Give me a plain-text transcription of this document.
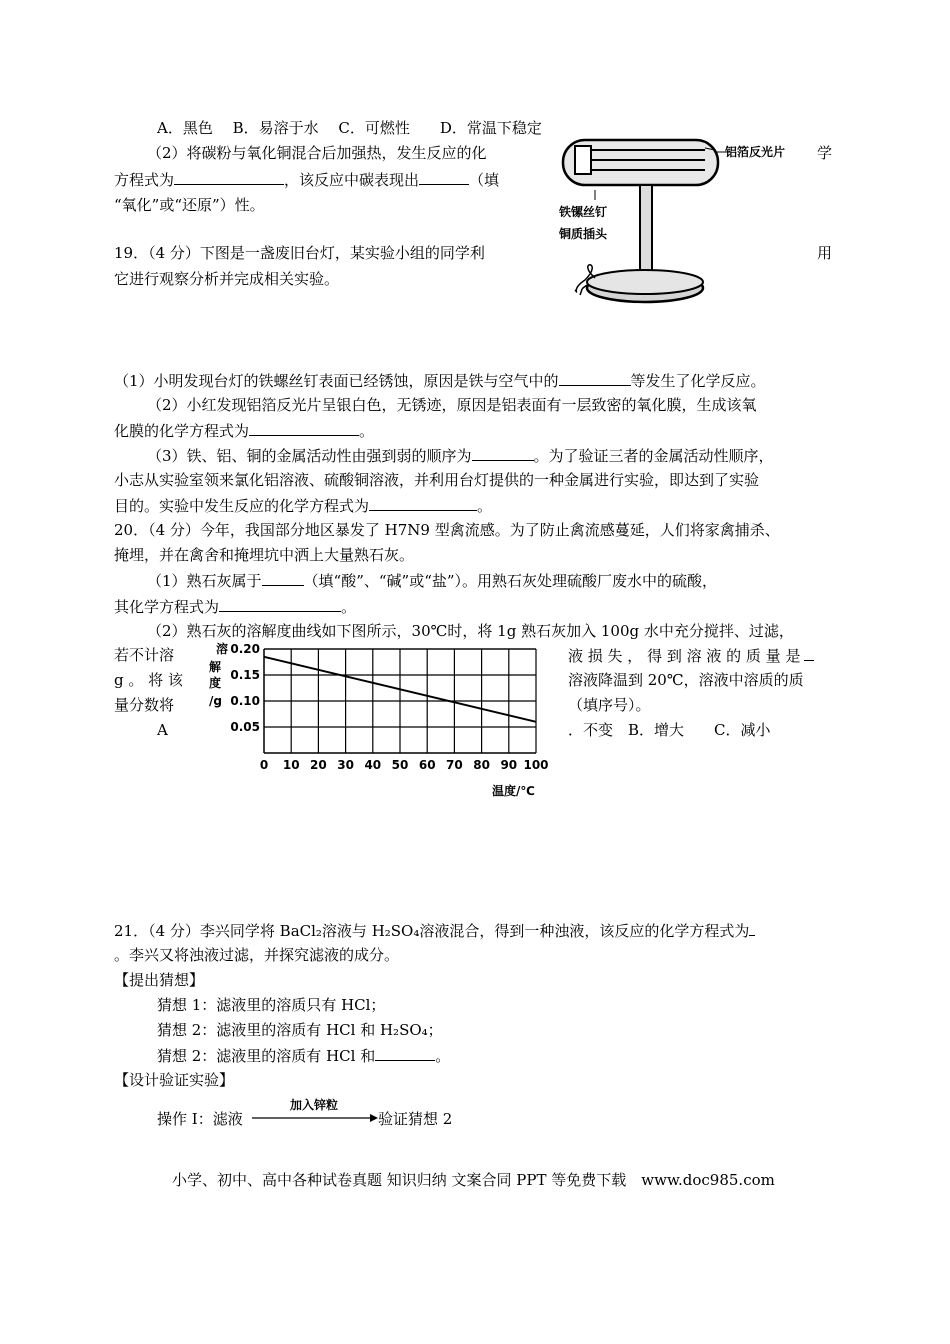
A．黑色　 B．易溶于水　 C．可燃性　　D．常温下稳定
（2）将碳粉与氧化铜混合后加强热，发生反应的化	学
方程式为	，该反应中碳表现出	（填
“氧化”或“还原”）性。
铝箔反光片
铁镙丝钉
铜质插头
19．（4 分）下图是一盏废旧台灯，某实验小组的同学利	用
它进行观察分析并完成相关实验。
（1）小明发现台灯的铁螺丝钉表面已经锈蚀，原因是铁与空气中的	等发生了化学反应。
（2）小红发现铝箔反光片呈银白色，无锈迹，原因是铝表面有一层致密的氧化膜，生成该氧
化膜的化学方程式为	。
（3）铁、铝、铜的金属活动性由强到弱的顺序为	。为了验证三者的金属活动性顺序，
小志从实验室领来氯化铝溶液、硫酸铜溶液，并利用台灯提供的一种金属进行实验，即达到了实验
目的。实验中发生反应的化学方程式为	。
20．（4 分）今年，我国部分地区暴发了 H7N9 型禽流感。为了防止禽流感蔓延，人们将家禽捕杀、
掩埋，并在禽舍和掩埋坑中洒上大量熟石灰。
（1）熟石灰属于	（填“酸”、“碱”或“盐”）。用熟石灰处理硫酸厂废水中的硫酸，
其化学方程式为	。
（2）熟石灰的溶解度曲线如下图所示，30℃时，将 1g 熟石灰加入 100g 水中充分搅拌、过滤，
若不计溶
g 。 将 该
量分数将
A
液 损 失 ， 得 到 溶 液 的 质 量 是
溶液降温到 20℃，溶液中溶质的质
（填序号）。
．不变　B．增大　　C．减小
0.05
0.10
0.15
0.20
0 10 20 30 40 50 60 70 80 90 100
溶
解
度
/g
温度/℃
21．（4 分）李兴同学将 BaCl₂溶液与 H₂SO₄溶液混合，得到一种浊液，该反应的化学方程式为
。李兴又将浊液过滤，并探究滤液的成分。
【提出猜想】
猜想 1：滤液里的溶质只有 HCl；
猜想 2：滤液里的溶质有 HCl 和 H₂SO₄；
猜想 2：滤液里的溶质有 HCl 和	。
【设计验证实验】
操作 I：滤液
加入锌粒
验证猜想 2
小学、初中、高中各种试卷真题 知识归纳 文案合同 PPT 等免费下载　www.doc985.com
